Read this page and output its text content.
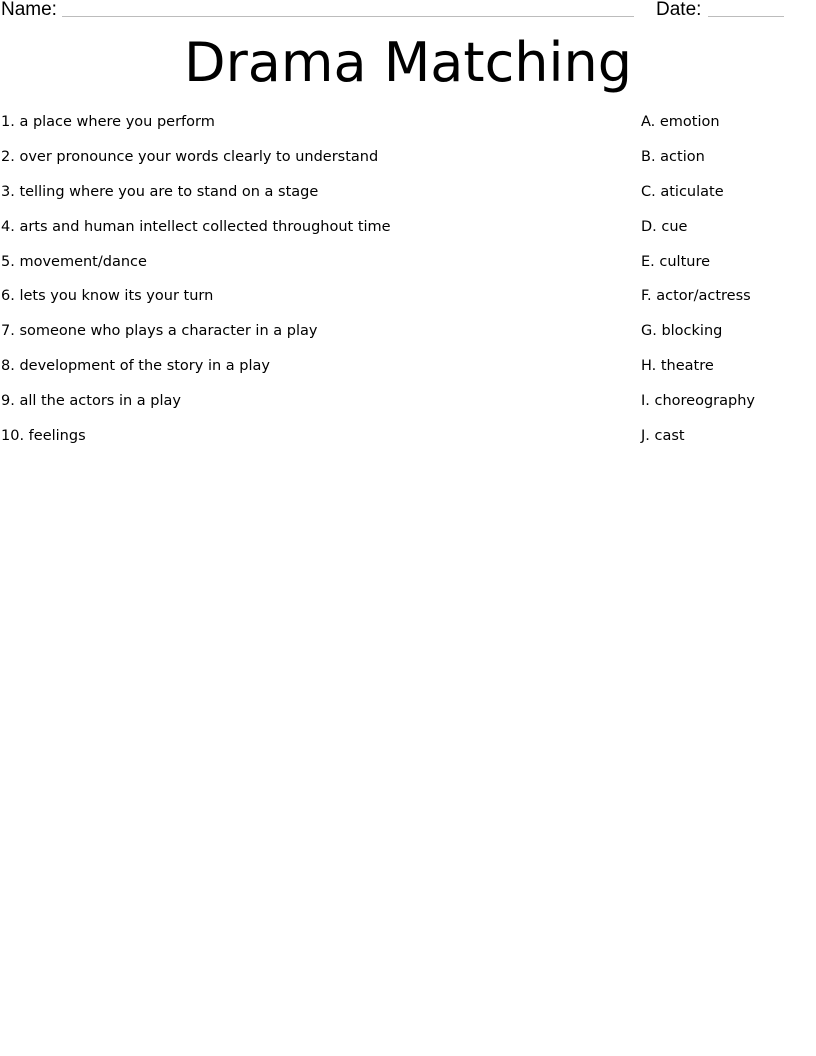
Name:	Date:
Drama Matching
1. a place where you perform
2. over pronounce your words clearly to understand
3. telling where you are to stand on a stage
4. arts and human intellect collected throughout time
5. movement/dance
6. lets you know its your turn
7. someone who plays a character in a play
8. development of the story in a play
9. all the actors in a play
10. feelings
A. emotion
B. action
C. aticulate
D. cue
E. culture
F. actor/actress
G. blocking
H. theatre
I. choreography
J. cast
